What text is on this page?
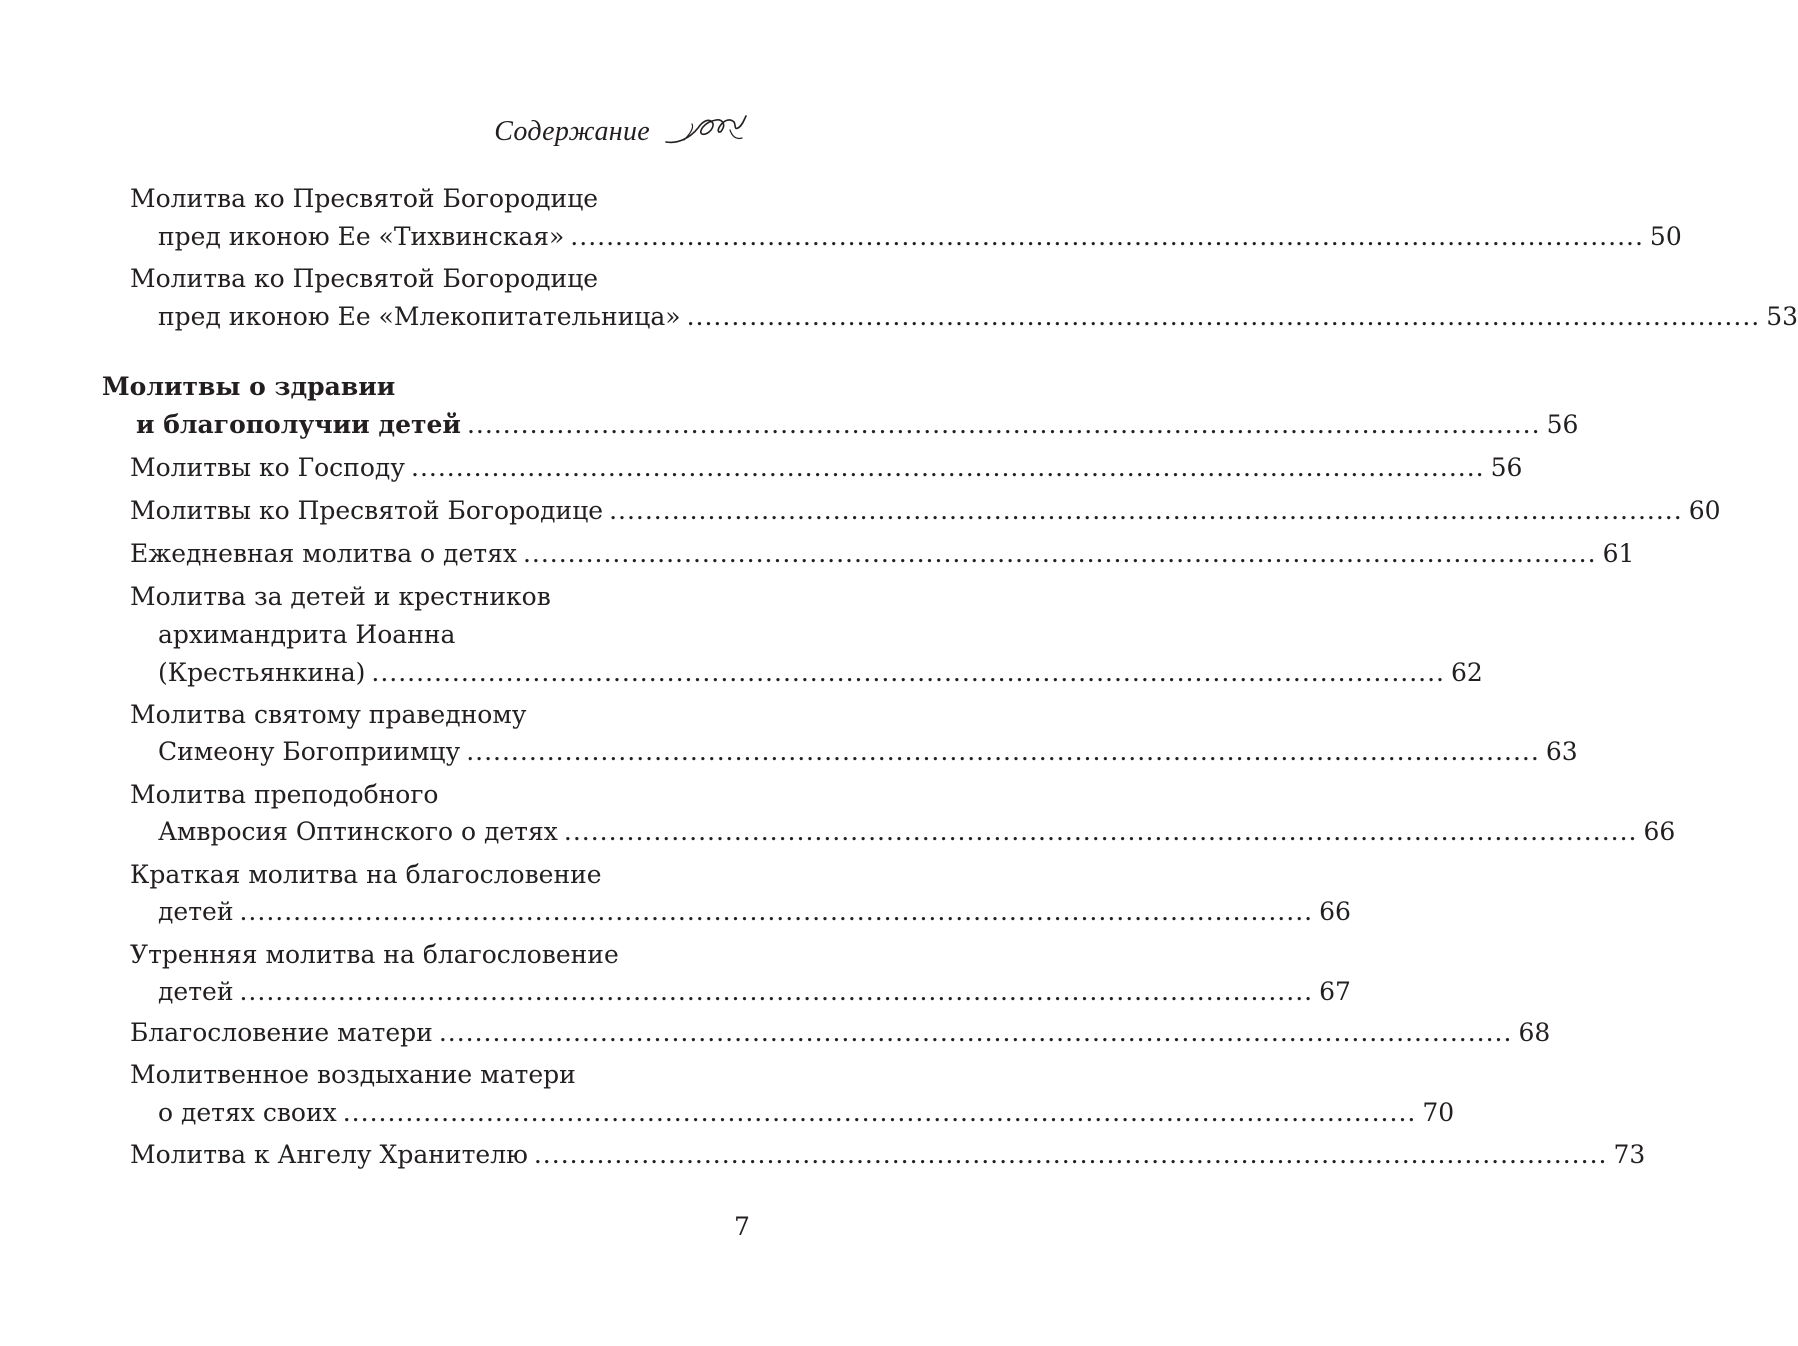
Содержание
Молитва ко Пресвятой Богородице
пред иконою Ее «Тихвинская» ........................................................................................................................ 50
Молитва ко Пресвятой Богородице
пред иконою Ее «Млекопитательница» ........................................................................................................................ 53
Молитвы о здравии
и благополучии детей ........................................................................................................................ 56
Молитвы ко Господу ........................................................................................................................ 56
Молитвы ко Пресвятой Богородице ........................................................................................................................ 60
Ежедневная молитва о детях ........................................................................................................................ 61
Молитва за детей и крестников
архимандрита Иоанна
(Крестьянкина) ........................................................................................................................ 62
Молитва святому праведному
Симеону Богоприимцу ........................................................................................................................ 63
Молитва преподобного
Амвросия Оптинского о детях ........................................................................................................................ 66
Краткая молитва на благословение
детей ........................................................................................................................ 66
Утренняя молитва на благословение
детей ........................................................................................................................ 67
Благословение матери ........................................................................................................................ 68
Молитвенное воздыхание матери
о детях своих ........................................................................................................................ 70
Молитва к Ангелу Хранителю ........................................................................................................................ 73
7
